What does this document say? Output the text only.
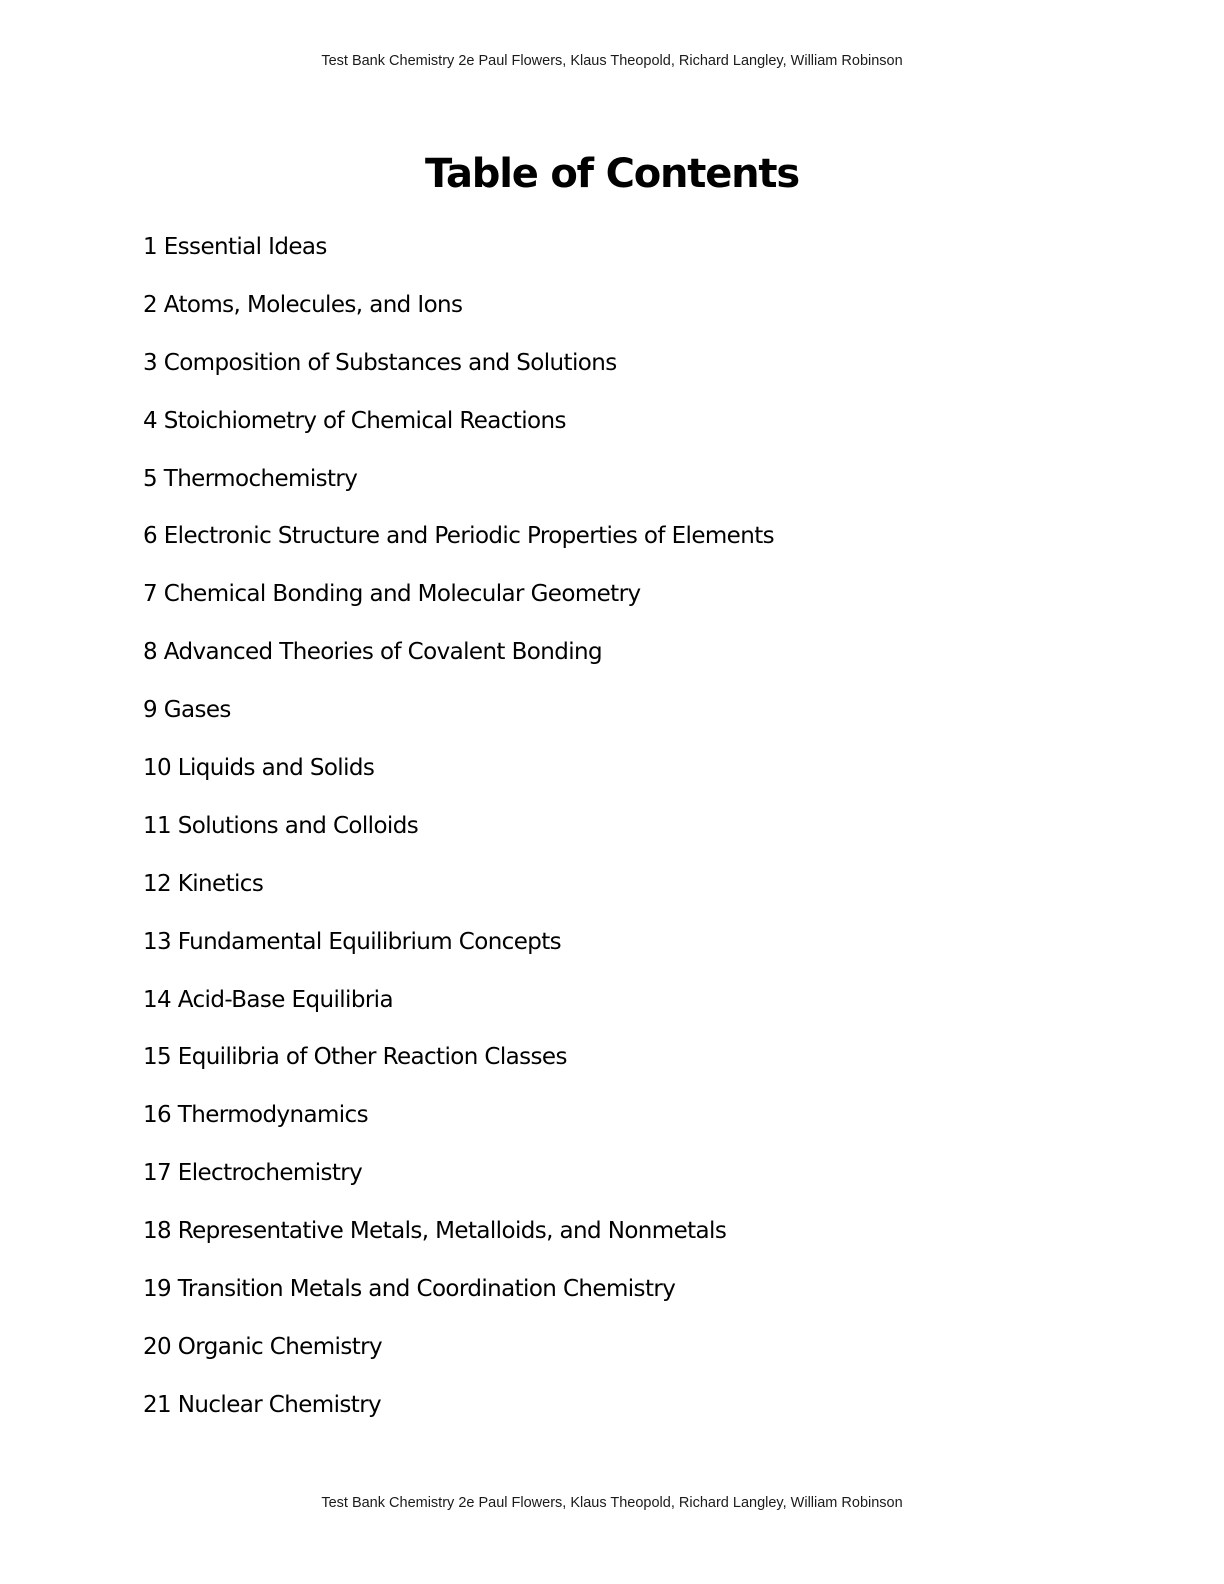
Test Bank Chemistry 2e Paul Flowers, Klaus Theopold, Richard Langley, William Robinson
Table of Contents
1 Essential Ideas
2 Atoms, Molecules, and Ions
3 Composition of Substances and Solutions
4 Stoichiometry of Chemical Reactions
5 Thermochemistry
6 Electronic Structure and Periodic Properties of Elements
7 Chemical Bonding and Molecular Geometry
8 Advanced Theories of Covalent Bonding
9 Gases
10 Liquids and Solids
11 Solutions and Colloids
12 Kinetics
13 Fundamental Equilibrium Concepts
14 Acid-Base Equilibria
15 Equilibria of Other Reaction Classes
16 Thermodynamics
17 Electrochemistry
18 Representative Metals, Metalloids, and Nonmetals
19 Transition Metals and Coordination Chemistry
20 Organic Chemistry
21 Nuclear Chemistry
Test Bank Chemistry 2e Paul Flowers, Klaus Theopold, Richard Langley, William Robinson
